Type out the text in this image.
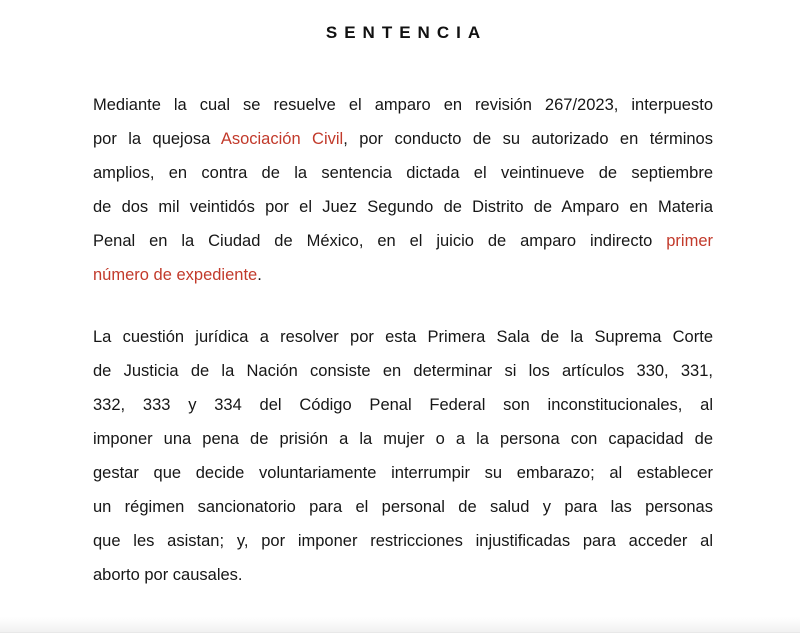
SENTENCIA
Mediante la cual se resuelve el amparo en revisión 267/2023, interpuesto
por la quejosa Asociación Civil, por conducto de su autorizado en términos
amplios, en contra de la sentencia dictada el veintinueve de septiembre
de dos mil veintidós por el Juez Segundo de Distrito de Amparo en Materia
Penal en la Ciudad de México, en el juicio de amparo indirecto primer
número de expediente.
La cuestión jurídica a resolver por esta Primera Sala de la Suprema Corte
de Justicia de la Nación consiste en determinar si los artículos 330, 331,
332, 333 y 334 del Código Penal Federal son inconstitucionales, al
imponer una pena de prisión a la mujer o a la persona con capacidad de
gestar que decide voluntariamente interrumpir su embarazo; al establecer
un régimen sancionatorio para el personal de salud y para las personas
que les asistan; y, por imponer restricciones injustificadas para acceder al
aborto por causales.
